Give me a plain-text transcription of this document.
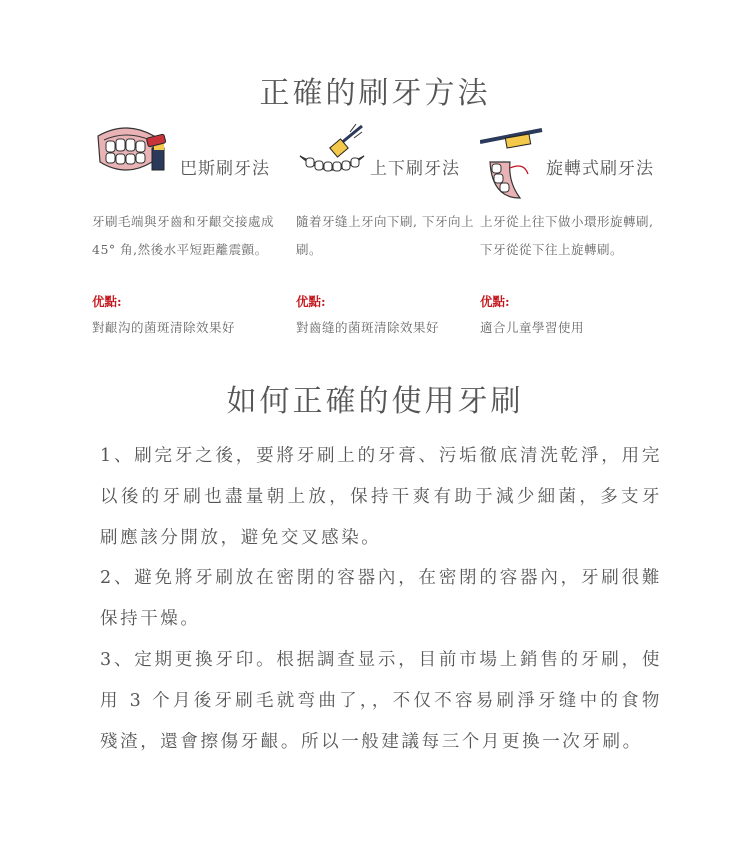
正確的刷牙方法
巴斯刷牙法
牙刷毛端與牙齒和牙齦交接處成45° 角,然後水平短距離震顫。
优點:
對齦沟的菌斑清除效果好
上下刷牙法
隨着牙缝上牙向下刷, 下牙向上刷。
优點:
對齒缝的菌斑清除效果好
旋轉式刷牙法
上牙從上往下做小環形旋轉刷, 下牙從從下往上旋轉刷。
优點:
適合儿童學習使用
如何正確的使用牙刷
1、刷完牙之後，要將牙刷上的牙膏、污垢徹底清洗乾淨，用完以後的牙刷也盡量朝上放，保持干爽有助于減少細菌，多支牙刷應該分開放，避免交叉感染。
2、避免將牙刷放在密閉的容器內，在密閉的容器內，牙刷很難保持干燥。
3、定期更換牙印。根据調查显示，目前市場上銷售的牙刷，使用 3 个月後牙刷毛就弯曲了，，不仅不容易刷淨牙缝中的食物殘渣，還會擦傷牙齦。所以一般建議每三个月更換一次牙刷。
